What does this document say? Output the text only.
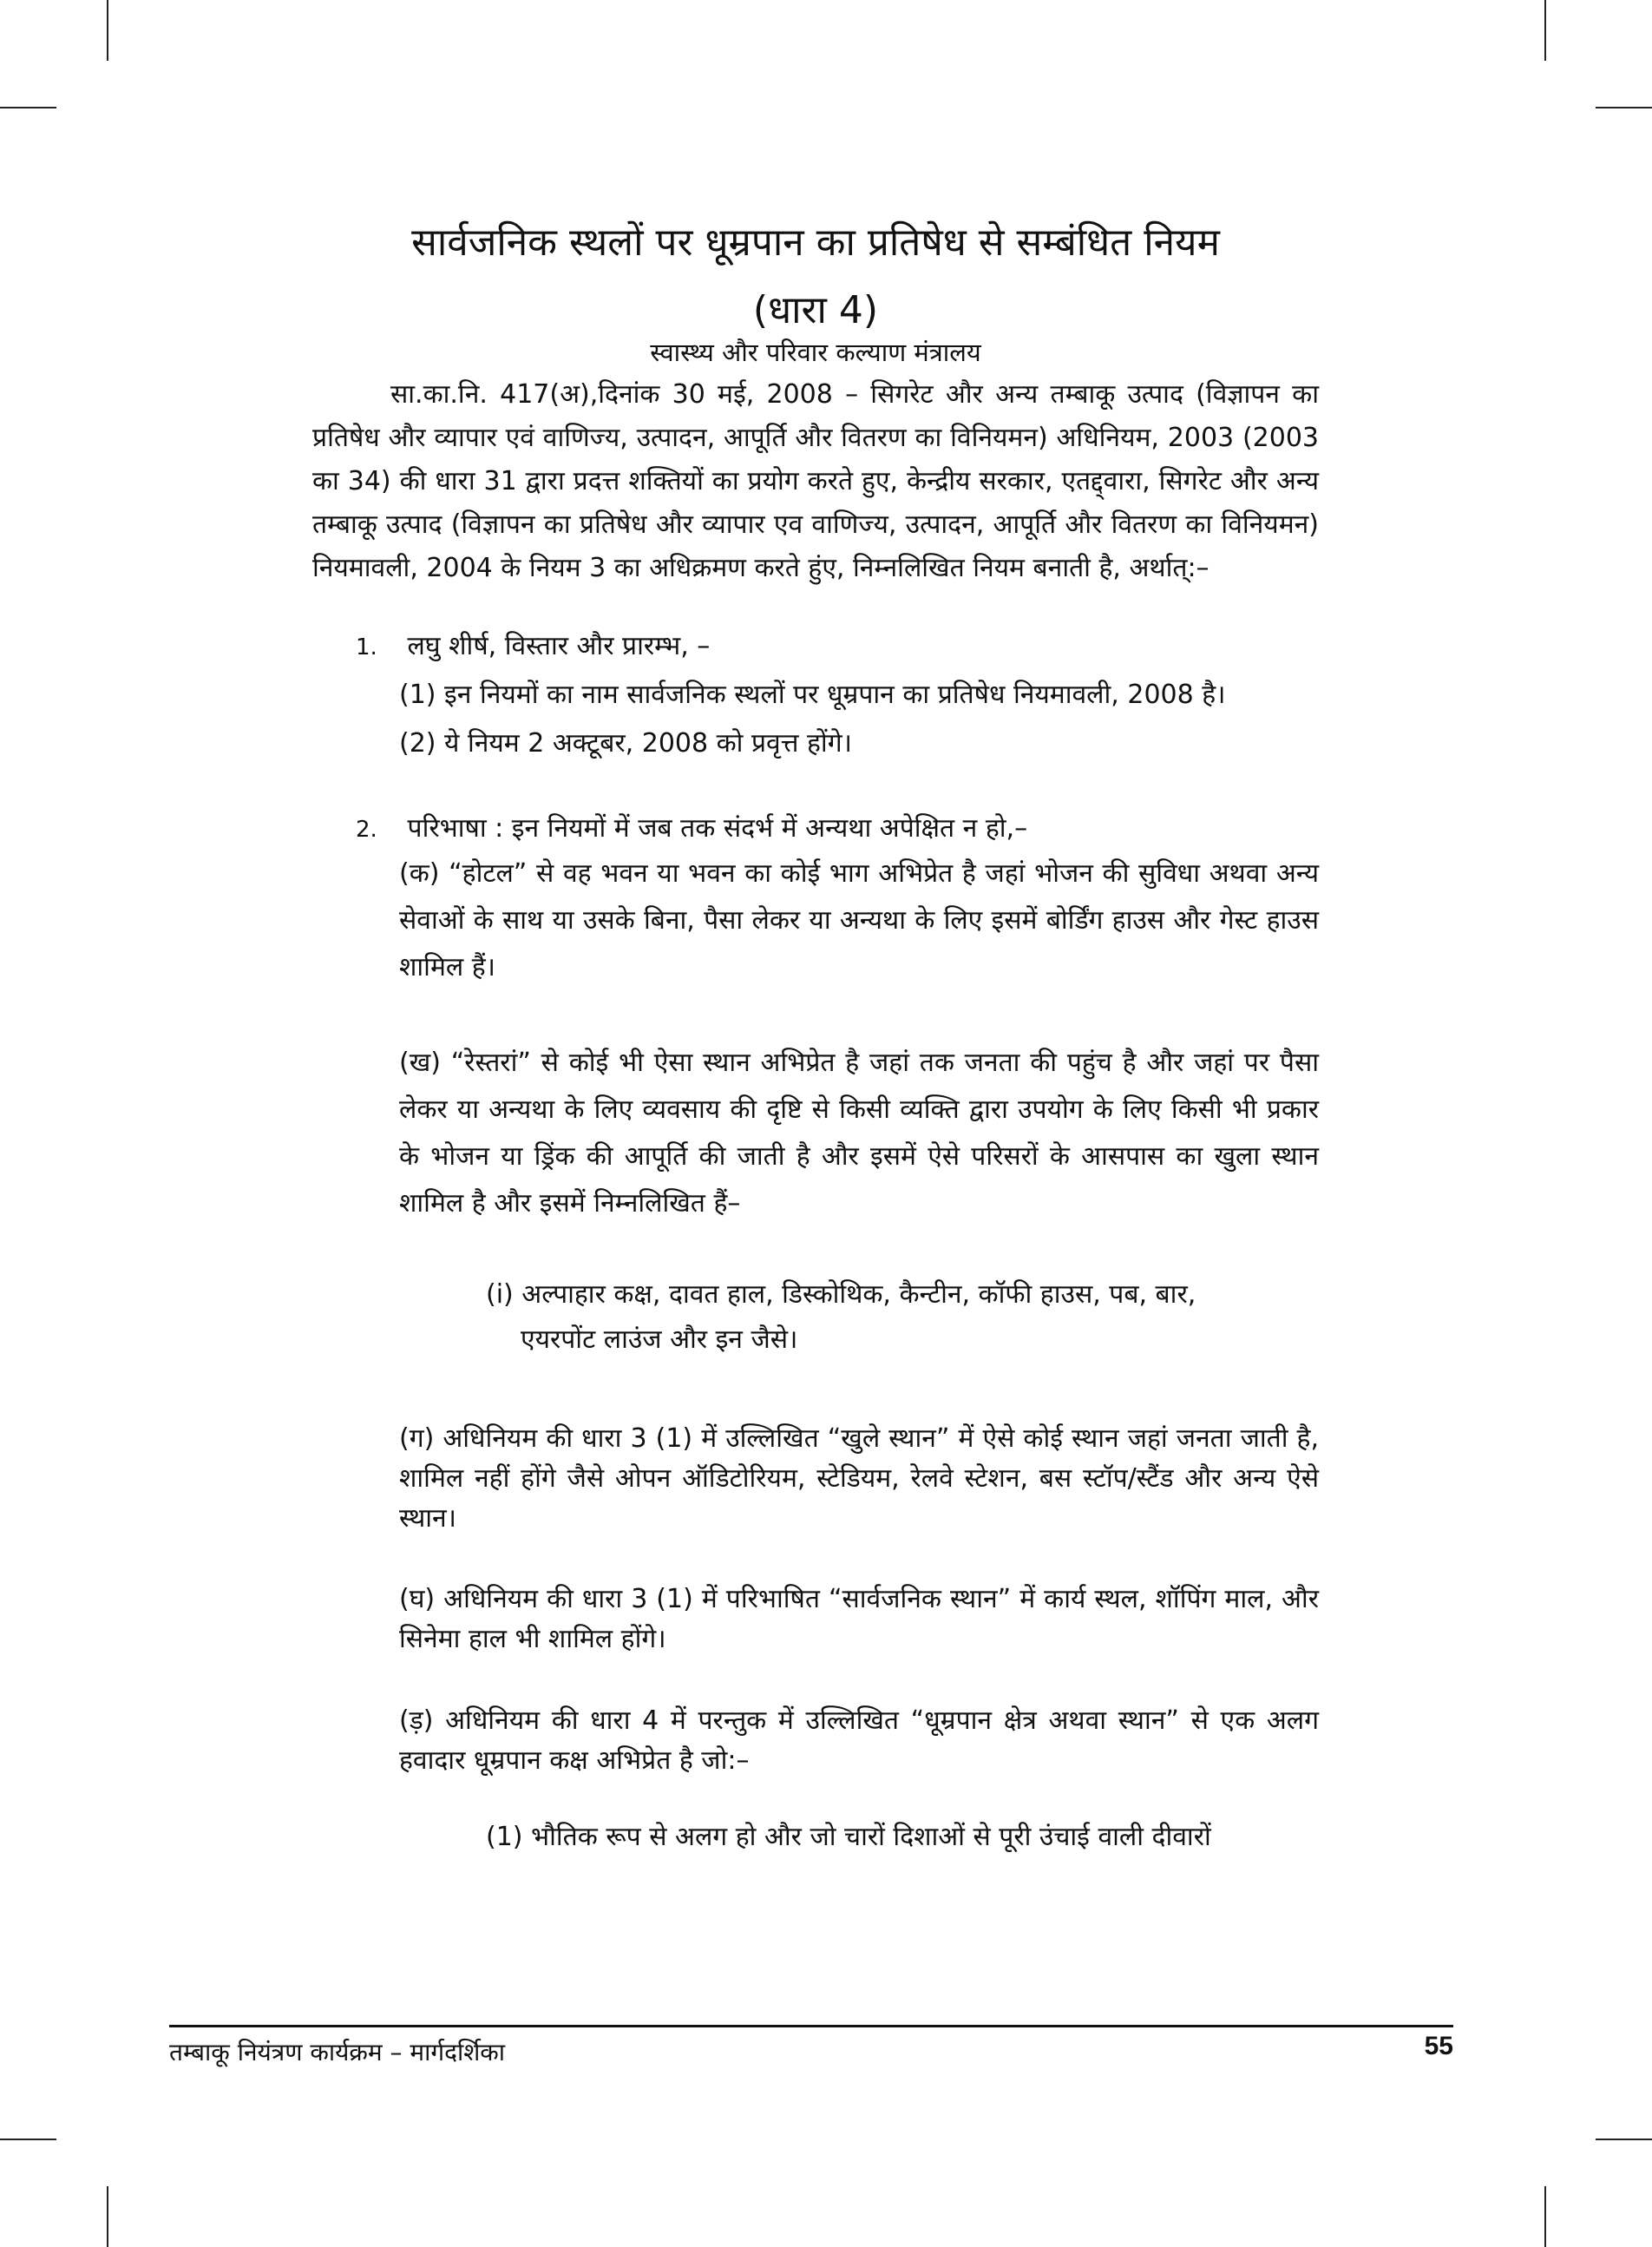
सार्वजनिक स्थलों पर धूम्रपान का प्रतिषेध से सम्बंधित नियम
(धारा 4)
स्वास्थ्य और परिवार कल्याण मंत्रालय

सा.का.नि. 417(अ),दिनांक 30 मई, 2008 – सिगरेट और अन्य तम्बाकू उत्पाद (विज्ञापन का प्रतिषेध और व्यापार एवं वाणिज्य, उत्पादन, आपूर्ति और वितरण का विनियमन) अधिनियम, 2003 (2003 का 34) की धारा 31 द्वारा प्रदत्त शक्तियों का प्रयोग करते हुए, केन्द्रीय सरकार, एतद्द्वारा, सिगरेट और अन्य तम्बाकू उत्पाद (विज्ञापन का प्रतिषेध और व्यापार एव वाणिज्य, उत्पादन, आपूर्ति और वितरण का विनियमन) नियमावली, 2004 के नियम 3 का अधिक्रमण करते हुंए, निम्नलिखित नियम बनाती है, अर्थात्:–

1. लघु शीर्ष, विस्तार और प्रारम्भ, –

(1) इन नियमों का नाम सार्वजनिक स्थलों पर धूम्रपान का प्रतिषेध नियमावली, 2008 है।

(2) ये नियम 2 अक्टूबर, 2008 को प्रवृत्त होंगे।

2. परिभाषा : इन नियमों में जब तक संदर्भ में अन्यथा अपेक्षित न हो,–

(क) “होटल” से वह भवन या भवन का कोई भाग अभिप्रेत है जहां भोजन की सुविधा अथवा अन्य सेवाओं के साथ या उसके बिना, पैसा लेकर या अन्यथा के लिए इसमें बोर्डिंग हाउस और गेस्ट हाउस शामिल हैं।

(ख) “रेस्तरां” से कोई भी ऐसा स्थान अभिप्रेत है जहां तक जनता की पहुंच है और जहां पर पैसा लेकर या अन्यथा के लिए व्यवसाय की दृष्टि से किसी व्यक्ति द्वारा उपयोग के लिए किसी भी प्रकार के भोजन या ड्रिंक की आपूर्ति की जाती है और इसमें ऐसे परिसरों के आसपास का खुला स्थान शामिल है और इसमें निम्नलिखित हैं–

(i) अल्पाहार कक्ष, दावत हाल, डिस्कोथिक, कैन्टीन, कॉफी हाउस, पब, बार,
एयरपोंट लाउंज और इन जैसे।

(ग) अधिनियम की धारा 3 (1) में उल्लिखित “खुले स्थान” में ऐसे कोई स्थान जहां जनता जाती है, शामिल नहीं होंगे जैसे ओपन ऑडिटोरियम, स्टेडियम, रेलवे स्टेशन, बस स्टॉप/स्टैंड और अन्य ऐसे स्थान।

(घ) अधिनियम की धारा 3 (1) में परिभाषित “सार्वजनिक स्थान” में कार्य स्थल, शॉपिंग माल, और सिनेमा हाल भी शामिल होंगे।

(ड़) अधिनियम की धारा 4 में परन्तुक में उल्लिखित “धूम्रपान क्षेत्र अथवा स्थान” से एक अलग हवादार धूम्रपान कक्ष अभिप्रेत है जो:–

(1) भौतिक रूप से अलग हो और जो चारों दिशाओं से पूरी उंचाई वाली दीवारों

तम्बाकू नियंत्रण कार्यक्रम – मार्गदर्शिका	55
